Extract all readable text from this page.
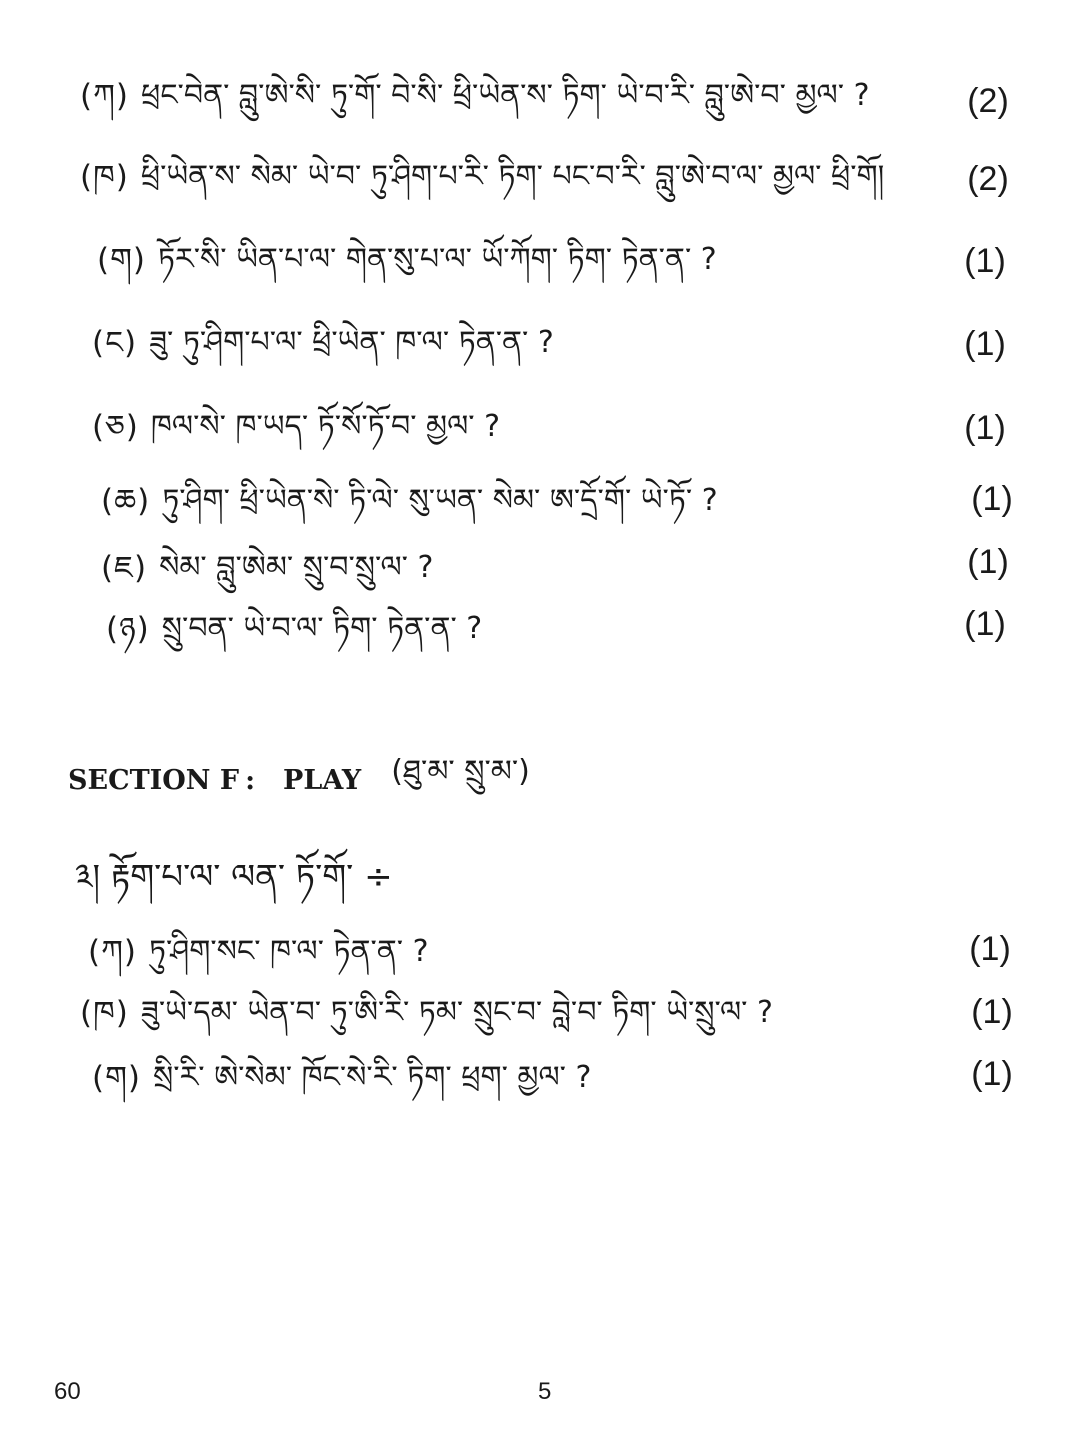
(ཀ) ཕྲང་བེན་ བླུ་ཨེ་སི་ ཏུ་གོ་ བེ་སི་ ཕྲི་ཡེན་ས་ ཏིག་ ཡེ་བ་རི་ བླུ་ཨེ་བ་ མྱལ་ ?	(2)
(ཁ) ཕྲི་ཡེན་ས་ སེམ་ ཡེ་བ་ ཏུ་ཤིག་པ་རི་ ཏིག་ པང་བ་རི་ བླུ་ཨེ་བ་ལ་ མྱལ་ ཕྲི་གོ། (2)
(ག) ཏོར་སི་ ཡིན་པ་ལ་ གེན་སུ་པ་ལ་ ཡོ་ཀོག་ ཏིག་ ཏེན་ན་ ?	(1)
(ང) ཟུ་ ཏུ་ཤིག་པ་ལ་ ཕྲི་ཡེན་ ཁ་ལ་ ཏེན་ན་ ?	(1)
(ཅ) ཁལ་སེ་ ཁ་ཡད་ ཏོ་སོ་ཏོ་བ་ མྱལ་ ?	(1)
(ཆ) ཏུ་ཤིག་ ཕྲི་ཡེན་སེ་ ཏི་ལེ་ སུ་ཡན་ སེམ་ ཨ་དྲོ་གོ་ ཡེ་ཏོ་ ?	(1)
(ཇ) སེམ་ བླུ་ཨེམ་ སྲུ་བ་སྲུ་ལ་ ?	(1)
(ཉ) སྲུ་བན་ ཡེ་བ་ལ་ ཏིག་ ཏེན་ན་ ?	(1)
SECTION F : PLAY (ཐུ་མ་ སྲུ་མ་)
༣། རྟོག་པ་ལ་ ལན་ ཏོ་གོ་ ÷
(ཀ) ཏུ་ཤིག་སང་ ཁ་ལ་ ཏེན་ན་ ?	(1)
(ཁ) ཟུ་ཡེ་དམ་ ཡེན་བ་ ཏུ་ཨི་རི་ ཏམ་ སྲུང་བ་ བླེ་བ་ ཏིག་ ཡེ་སྲུ་ལ་ ?	(1)
(ག) སྲི་རི་ ཨེ་སེམ་ ཁོང་སེ་རི་ ཏིག་ ཕྲག་ མྱལ་ ?	(1)
60	5
